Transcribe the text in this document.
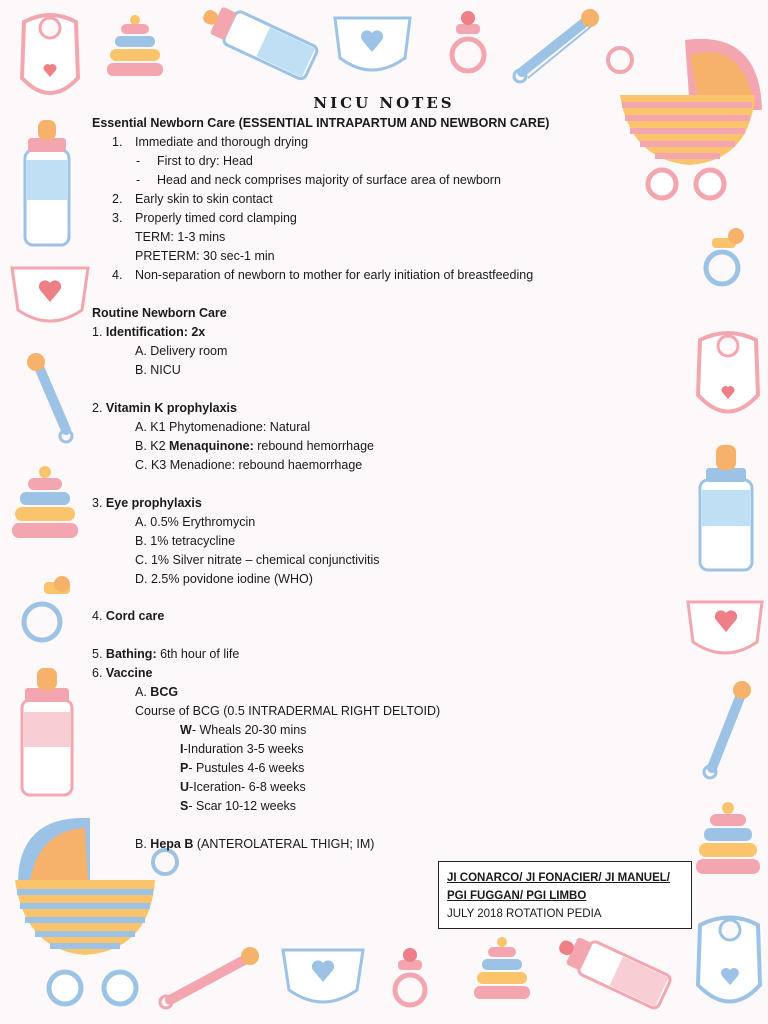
NICU NOTES
Essential Newborn Care (ESSENTIAL INTRAPARTUM AND NEWBORN CARE)
1. Immediate and thorough drying
- First to dry: Head
- Head and neck comprises majority of surface area of newborn
2. Early skin to skin contact
3. Properly timed cord clamping
TERM: 1-3 mins
PRETERM: 30 sec-1 min
4. Non-separation of newborn to mother for early initiation of breastfeeding
Routine Newborn Care
1. Identification: 2x
A. Delivery room
B. NICU
2. Vitamin K prophylaxis
A. K1 Phytomenadione: Natural
B. K2 Menaquinone: rebound hemorrhage
C. K3 Menadione: rebound haemorrhage
3. Eye prophylaxis
A. 0.5% Erythromycin
B. 1% tetracycline
C. 1% Silver nitrate – chemical conjunctivitis
D. 2.5% povidone iodine (WHO)
4. Cord care
5. Bathing: 6th hour of life
6. Vaccine
A. BCG
Course of BCG (0.5 INTRADERMAL RIGHT DELTOID)
W- Wheals 20-30 mins
I-Induration 3-5 weeks
P- Pustules 4-6 weeks
U-Iceration- 6-8 weeks
S- Scar 10-12 weeks
B. Hepa B (ANTEROLATERAL THIGH; IM)
JI CONARCO/ JI FONACIER/ JI MANUEL/
PGI FUGGAN/ PGI LIMBO
JULY 2018 ROTATION PEDIA
